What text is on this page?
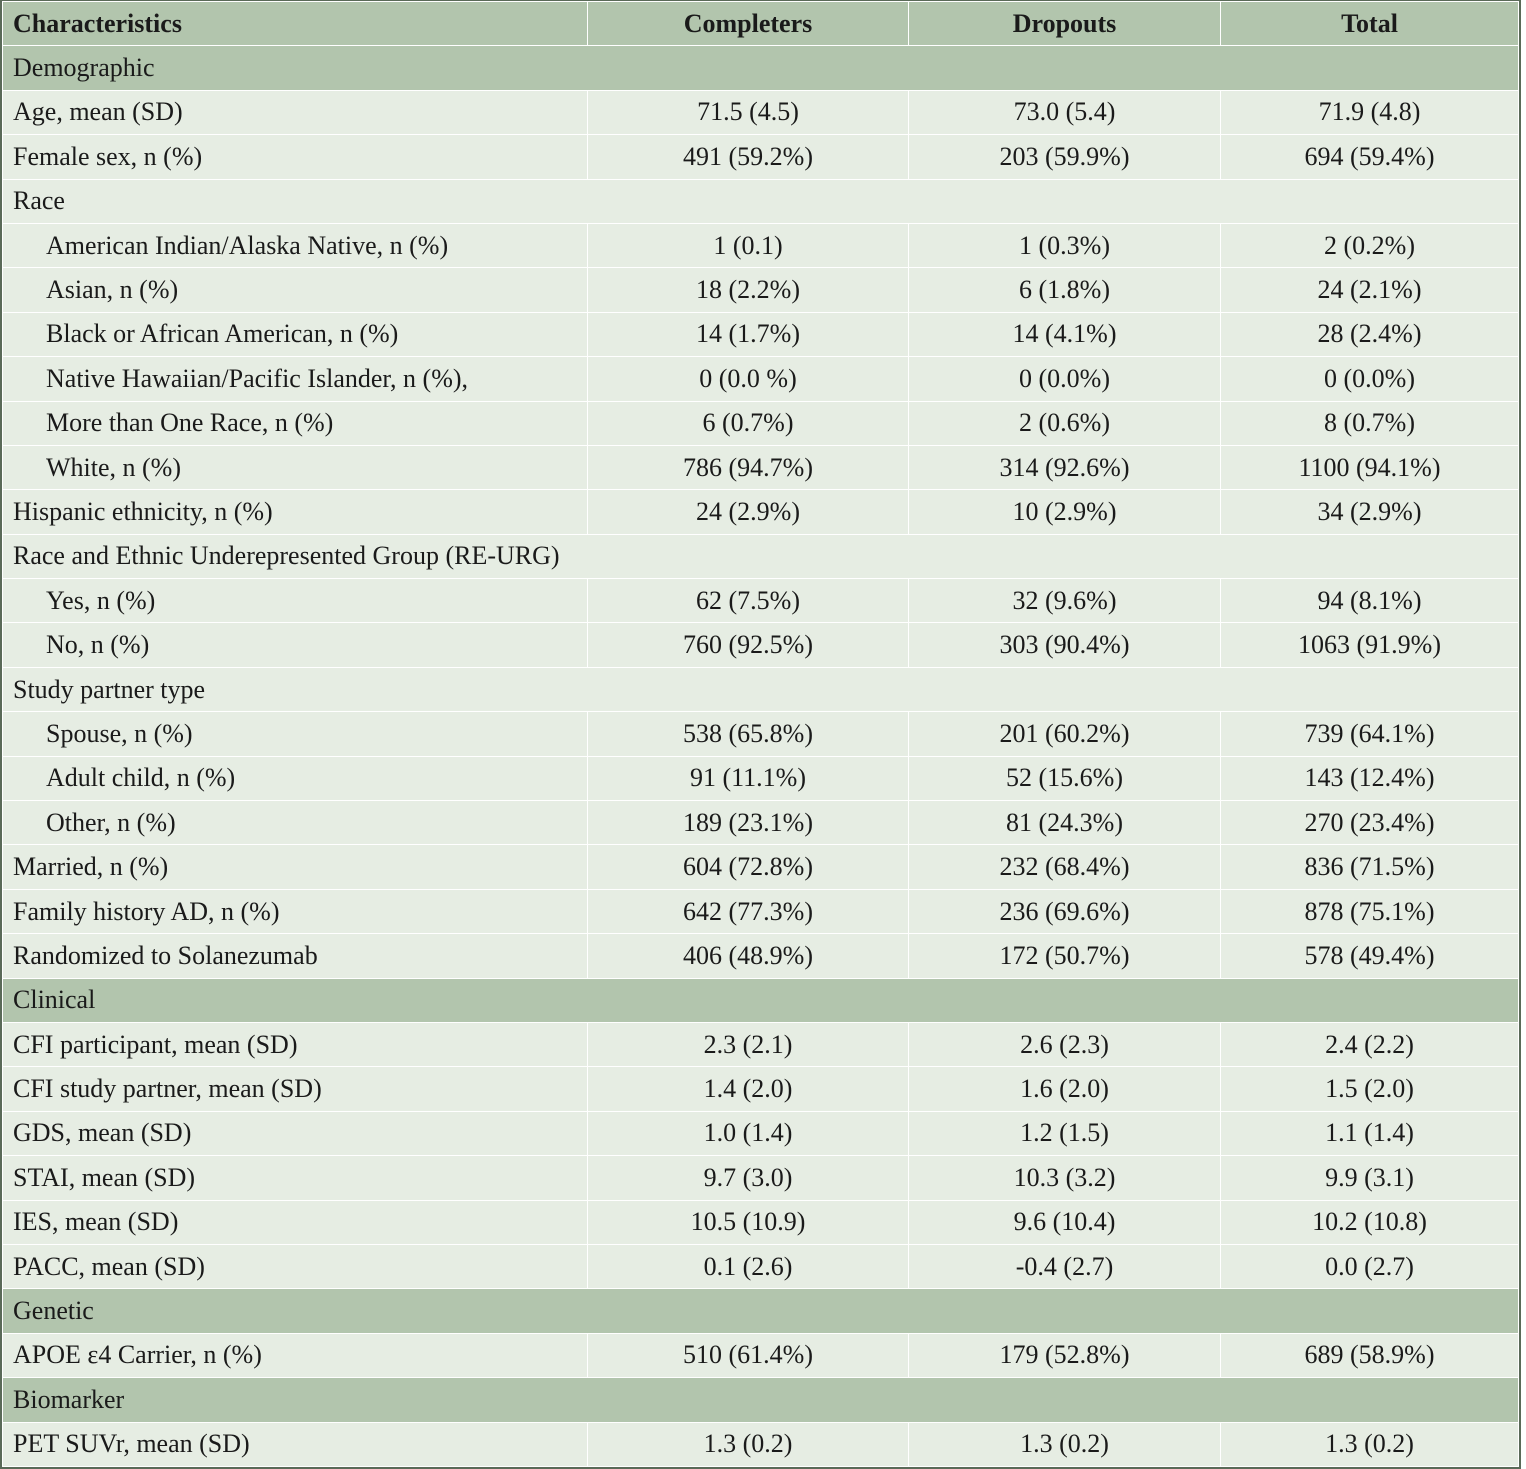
Characteristics	Completers	Dropouts	Total
Demographic			
Age, mean (SD)	71.5 (4.5)	73.0 (5.4)	71.9 (4.8)
Female sex, n (%)	491 (59.2%)	203 (59.9%)	694 (59.4%)
Race			
American Indian/Alaska Native, n (%)	1 (0.1)	1 (0.3%)	2 (0.2%)
Asian, n (%)	18 (2.2%)	6 (1.8%)	24 (2.1%)
Black or African American, n (%)	14 (1.7%)	14 (4.1%)	28 (2.4%)
Native Hawaiian/Pacific Islander, n (%),	0 (0.0 %)	0 (0.0%)	0 (0.0%)
More than One Race, n (%)	6 (0.7%)	2 (0.6%)	8 (0.7%)
White, n (%)	786 (94.7%)	314 (92.6%)	1100 (94.1%)
Hispanic ethnicity, n (%)	24 (2.9%)	10 (2.9%)	34 (2.9%)
Race and Ethnic Underepresented Group (RE-URG)			
Yes, n (%)	62 (7.5%)	32 (9.6%)	94 (8.1%)
No, n (%)	760 (92.5%)	303 (90.4%)	1063 (91.9%)
Study partner type			
Spouse, n (%)	538 (65.8%)	201 (60.2%)	739 (64.1%)
Adult child, n (%)	91 (11.1%)	52 (15.6%)	143 (12.4%)
Other, n (%)	189 (23.1%)	81 (24.3%)	270 (23.4%)
Married, n (%)	604 (72.8%)	232 (68.4%)	836 (71.5%)
Family history AD, n (%)	642 (77.3%)	236 (69.6%)	878 (75.1%)
Randomized to Solanezumab	406 (48.9%)	172 (50.7%)	578 (49.4%)
Clinical			
CFI participant, mean (SD)	2.3 (2.1)	2.6 (2.3)	2.4 (2.2)
CFI study partner, mean (SD)	1.4 (2.0)	1.6 (2.0)	1.5 (2.0)
GDS, mean (SD)	1.0 (1.4)	1.2 (1.5)	1.1 (1.4)
STAI, mean (SD)	9.7 (3.0)	10.3 (3.2)	9.9 (3.1)
IES, mean (SD)	10.5 (10.9)	9.6 (10.4)	10.2 (10.8)
PACC, mean (SD)	0.1 (2.6)	-0.4 (2.7)	0.0 (2.7)
Genetic			
APOE ε4 Carrier, n (%)	510 (61.4%)	179 (52.8%)	689 (58.9%)
Biomarker			
PET SUVr, mean (SD)	1.3 (0.2)	1.3 (0.2)	1.3 (0.2)
